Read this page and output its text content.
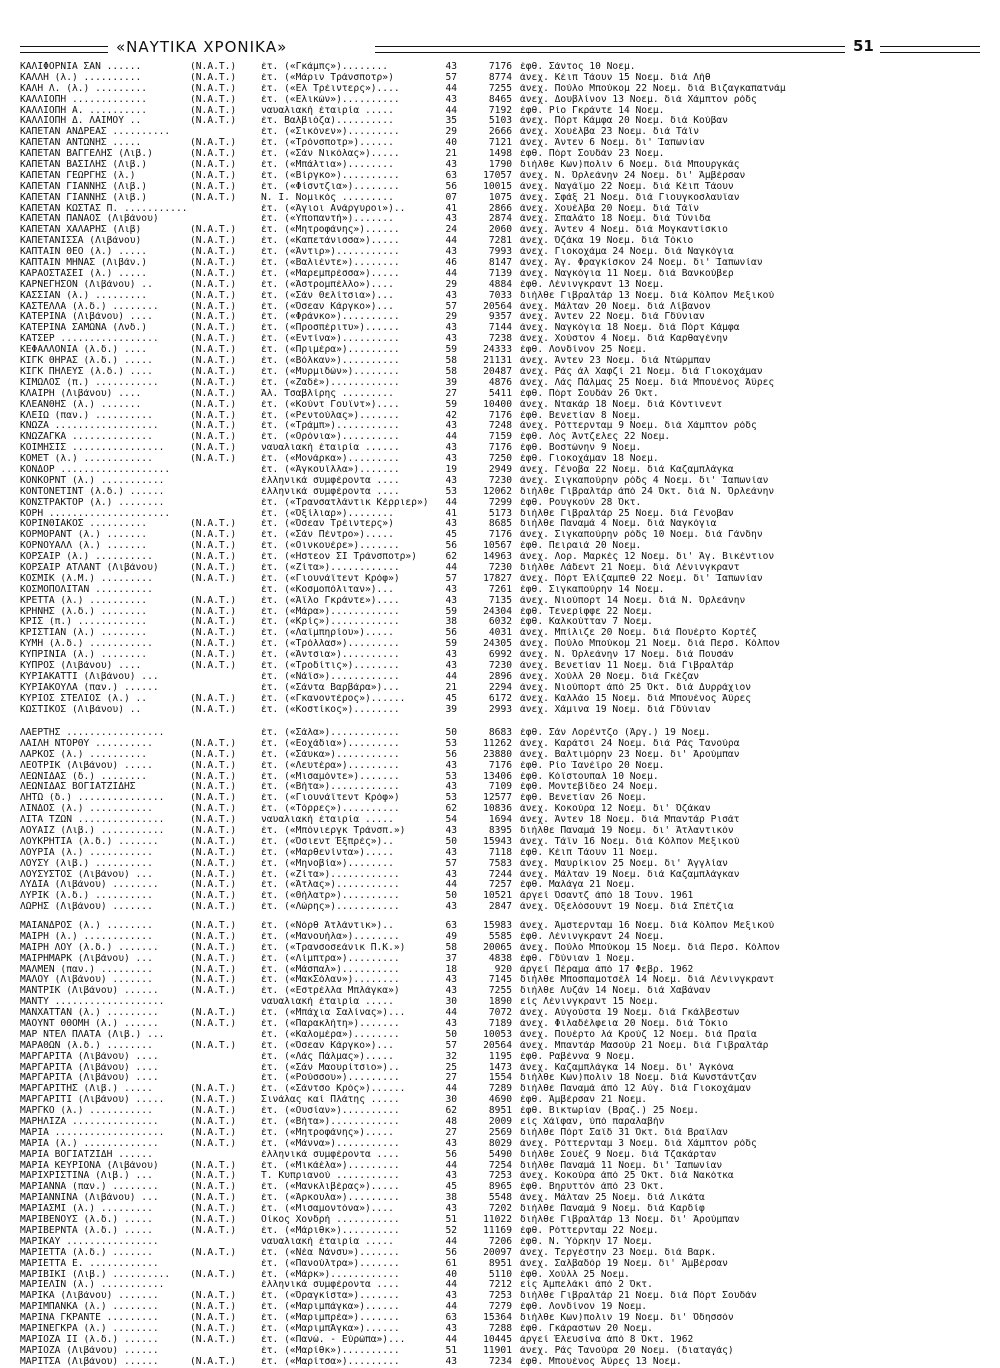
«ΝΑΥΤΙΚΑ ΧΡΟΝΙΚΑ»	51
ΚΑΛΙΦΟΡΝΙΑ ΣΑΝ ......	(Ν.Α.Τ.)	έτ. («Γκάμπς»)........	43	7176 έφθ. Σάντος 10 Νοεμ.
ΚΑΛΛΗ (λ.) ..........	(Ν.Α.Τ.)	έτ. («Μάριν Τράνσποτρ»)	57	8774 άνεχ. Κέιπ Τάουν 15 Νοεμ. διά Λήθ
ΚΑΛΗ Λ. (λ.) .........	(Ν.Α.Τ.)	έτ. («Ελ Τρέιντερς»)....	44	7255 άνεχ. Πούλο Μπούκομ 22 Νοεμ. διά Βιζαγκαπατνάμ
ΚΑΛΛΙΟΠΗ .............	(Ν.Α.Τ.)	έτ. («Ελικών»)..........	43	8465 άνεχ. Δουβλίνον 13 Νοεμ. διά Χάμπτον ρόδς
ΚΑΛΛΙΟΠΗ Α. ..........	(Ν.Α.Τ.)	ναυαλιακή έταιρία .....	44	7192 έφθ. Ρίο Γκράντε 14 Νοεμ.
ΚΑΛΛΙΟΠΗ Δ. ΛΑΙΜΟΥ ..	(Ν.Α.Τ.)	έτ. Βαλβιόζα)..........	35	5103 άνεχ. Πόρτ Κάμφα 20 Νοεμ. διά Κούβαν
ΚΑΠΕΤΑΝ ΑΝΔΡΕΑΣ ..........	έτ. («Σικόνεν»).........	29	2666 άνεχ. Χουέλβα 23 Νοεμ. διά Τάϊν
ΚΑΠΕΤΑΝ ΑΝΤΩΝΗΣ .....	(Ν.Α.Τ.)	έτ. («Τρόνσποτρ»)......	40	7121 άνεχ. Άντεν 6 Νοεμ. δι' Ίαπωνίαν
ΚΑΠΕΤΑΝ ΒΑΓΓΕΛΗΣ (Λιβ.)	(Ν.Α.Τ.)	έτ. («Σάν Νικόλας»).....	21	1498 έφθ. Πόρτ Σουδάν 23 Νοεμ.
ΚΑΠΕΤΑΝ ΒΑΣΙΛΗΣ (Λιβ.)	(Ν.Α.Τ.)	έτ. («Μπάλτια»)........	43	1790 διήλθε Κων)πολιν 6 Νοεμ. διά Μπουργκάς
ΚΑΠΕΤΑΝ ΓΕΩΡΓΗΣ (λ.)	(Ν.Α.Τ.)	έτ. («Βίργκο»)..........	63	17057 άνεχ. Ν. Όρλεάνην 24 Νοεμ. δι' Άμβέρσαν
ΚΑΠΕΤΑΝ ΓΙΑΝΝΗΣ (Λιβ.)	(Ν.Α.Τ.)	έτ. («Φίσντζια»)........	56	10015 άνεχ. Ναγάϊμο 22 Νοεμ. διά Κέιπ Τάουν
ΚΑΠΕΤΑΝ ΓΙΑΝΝΗΣ (λιβ.)	(Ν.Α.Τ.)	Ν. Ι. Νομικός .........	07	1075 άνεχ. Σφάξ 21 Νοεμ. διά Γιουγκοσλαυΐαν
ΚΑΠΕΤΑΝ ΚΩΣΤΑΣ Π. ...........	έτ. («Άγιοι Ανάργυροι»)..	41	2866 άνεχ. Χουέλβα 20 Νοεμ. διά Τάϊν
ΚΑΠΕΤΑΝ ΠΑΝΑΟΣ (Λιβάνου)	έτ. («Υποπαντή»).......	43	2874 άνεχ. Σπαλάτο 18 Νοεμ. διά Τύνιδα
ΚΑΠΕΤΑΝ ΧΑΛΑΡΗΣ (Λιβ)	(Ν.Α.Τ.)	έτ. («Μητροφάνης»)......	24	2060 άνεχ. Άντεν 4 Νοεμ. διά Μογκαντίσκιο
ΚΑΠΕΤΑΝΙΣΣΑ (Λιβάνου)	(Ν.Α.Τ.)	έτ. («Καπετάνισσα»).....	44	7281 άνεχ. Όζάκα 19 Νοεμ. διά Τόκιο
ΚΑΠΤΑΙΝ ΘΕΟ (λ.) .....	(Ν.Α.Τ.)	έτ. («Άντιρ»)...........	43	7993 άνεχ. Γιοκοχάμα 24 Νοεμ. διά Ναγκόγια
ΚΑΠΤΑΙΝ ΜΗΝΑΣ (Λιβάν.)	(Ν.Α.Τ.)	έτ. («Βαλιέντε»)........	46	8147 άνεχ. Άγ. Φραγκίσκον 24 Νοεμ. δι' Ίαπωνίαν
ΚΑΡΑΟΣΤΑΣΕΙ (λ.) .....	(Ν.Α.Τ.)	έτ. («Μαρεμπρέσσα»).....	44	7139 άνεχ. Ναγκόγια 11 Νοεμ. διά Βανκούβερ
ΚΑΡΝΕΓΗΣΟΝ (Λιβάνου) ..	(Ν.Α.Τ.)	έτ. («Άστρομπέλλο»)....	29	4884 έφθ. Λένινγκραντ 13 Νοεμ.
ΚΑΣΣΙΑΝ (λ.) .........	(Ν.Α.Τ.)	έτ. («Σάν Θελίτσια»)...	43	7033 διήλθε Γιβραλτάρ 13 Νοεμ. διά Κόλπον Μεξικού
ΚΑΣΤΕΛΛΑ (λ.δ.) ........	(Ν.Α.Τ.)	έτ. («Όσεαν Κάργκο»)...	57	20564 άνεχ. Μάλταν 20 Νοεμ. διά Λίβανον
ΚΑΤΕΡΙΝΑ (Λιβάνου) ....	(Ν.Α.Τ.)	έτ. («Φράνκο»)..........	29	9357 άνεχ. Άντεν 22 Νοεμ. διά Γδύνιαν
ΚΑΤΕΡΙΝΑ ΣΑΜΩΝΑ (Λνδ.)	(Ν.Α.Τ.)	έτ. («Προσπέριτυ»)......	43	7144 άνεχ. Ναγκόγια 18 Νοεμ. διά Πόρτ Κάμφα
ΚΑΤΣΕΡ .................	(Ν.Α.Τ.)	έτ. («Εντίνα»)..........	43	7238 άνεχ. Χούστον 4 Νοεμ. διά Καρθαγένην
ΚΕΦΑΛΛΟΝΙΑ (λ.δ.) ....	(Ν.Α.Τ.)	έτ. («Πριμέρα»).........	59	24333 έφθ. Λονδίνον 25 Νοεμ.
ΚΙΓΚ ΘΗΡΑΣ (λ.δ.) .....	(Ν.Α.Τ.)	έτ. («Βόλκαν»)..........	58	21131 άνεχ. Άντεν 23 Νοεμ. διά Ντώρμπαν
ΚΙΓΚ ΠΗΛΕΥΣ (λ.δ.) ....	(Ν.Α.Τ.)	έτ. («Μυρμιδών»)........	58	20487 άνεχ. Ράς άλ Χαφζί 21 Νοεμ. διά Γιοκοχάμαν
ΚΙΜΩΛΟΣ (π.) ...........	(Ν.Α.Τ.)	έτ. («Ζαδέ»)............	39	4876 άνεχ. Λάς Πάλμας 25 Νοεμ. διά Μπουένος Άϋρες
ΚΛΑΙΡΗ (Λιβάνου) ....	(Ν.Α.Τ.)	Άλ. Τσαβλίρης .........	27	5411 έφθ. Πόρτ Σουδάν 26 Όκτ.
ΚΛΕΑΝΘΗΣ (λ.) .......	(Ν.Α.Τ.)	έτ. («Κούντ Γουΐντ»)....	59	10400 άνεχ. Ντακάρ 18 Νοεμ. διά Κόντινεντ
ΚΛΕΙΩ (παν.) ..........	(Ν.Α.Τ.)	έτ. («Ρεντούλας»).......	42	7176 έφθ. Βενετίαν 8 Νοεμ.
ΚΝΩΖΑ ..................	(Ν.Α.Τ.)	έτ. («Τράμπ»)...........	43	7248 άνεχ. Ρόττερνταμ 9 Νοεμ. διά Χάμπτον ρόδς
ΚΝΩΖΑΓΚΑ ..............	(Ν.Α.Τ.)	έτ. («Ορόνια»)..........	44	7159 έφθ. Λός Άντζελες 22 Νοεμ.
ΚΟΙΜΗΣΙΣ ................	(Ν.Α.Τ.)	ναυαλιακή έταιρία ......	43	7176 έφθ. Βοστώνην 9 Νοεμ.
ΚΟΜΕΤ (λ.) ............	(Ν.Α.Τ.)	έτ. («Μονάρκα»).........	43	7250 έφθ. Γιοκοχάμαν 18 Νοεμ.
ΚΟΝΔΟΡ ...................	έτ. («Άγκουΐλλα»).......	19	2949 άνεχ. Γένοβα 22 Νοεμ. διά Καζαμπλάγκα
ΚΟΝΚΟΡΝΤ (λ.) ...........	έλληνικά συμφέροντα ....	43	7230 άνεχ. Σιγκαπούρην ρόδς 4 Νοεμ. δι' Ίαπωνίαν
ΚΟΝΤΟΝΕΤΙΝΤ (λ.δ.) ......	έλληνικά συμφέροντα ....	53	12062 διήλθε Γιβραλτάρ άπό 24 Όκτ. διά Ν. Όρλεάνην
ΚΟΝΣΤΡΑΚΤΟΡ (λ.) ........	έτ. («Τρανσατλάντικ Κέρριερ»)	44	7299 έφθ. Ρουγκούν 28 Όκτ.
ΚΟΡΗ .....................	έτ. («Όξίλιαρ»)........	41	5173 διήλθε Γιβραλτάρ 25 Νοεμ. διά Γένοβαν
ΚΟΡΙΝΘΙΑΚΟΣ ..........	(Ν.Α.Τ.)	έτ. («Όσεαν Τρέιντερς»)	43	8685 διήλθε Παναμά 4 Νοεμ. διά Ναγκόγια
ΚΟΡΜΟΡΑΝΤ (λ.) .......	(Ν.Α.Τ.)	έτ. («Σάν Πέντρο»).....	45	7176 άνεχ. Σιγκαπούρην ρόδς 10 Νοεμ. διά Γάνδην
ΚΟΡΝΟΥΑΛΛ (λ.) .......	(Ν.Α.Τ.)	έτ. («Οινκουέρε»).......	56	10567 έφθ. Πειραιά 20 Νοεμ.
ΚΟΡΣΑΙΡ (λ.) ..........	(Ν.Α.Τ.)	έτ. («Ηστεον ΣΙ Τράνσποτρ»)	62	14963 άνεχ. Λορ. Μαρκές 12 Νοεμ. δι' Άγ. Βικέντιον
ΚΟΡΣΑΙΡ ΑΤΛΑΝΤ (Λιβάνου)	(Ν.Α.Τ.)	έτ. («Ζίτα»)............	44	7230 διήλθε Λάδεντ 21 Νοεμ. διά Λένινγκραντ
ΚΟΣΜΙΚ (λ.Μ.) .........	(Ν.Α.Τ.)	έτ. («Γιουνάϊτεντ Κρόφ»)	57	17827 άνεχ. Πόρτ Έλίζαμπεθ 22 Νοεμ. δι' Ίαπωνίαν
ΚΟΣΜΟΠΟΛΙΤΑΝ ..........	έτ. («Κοσμοπόλιταν»)...	43	7261 έφθ. Σιγκαπούρην 14 Νοεμ.
ΚΡΕΤΤΑ (λ.) ..........	(Ν.Α.Τ.)	έτ. («Άϊλο Γκράντε»)....	43	7135 άνεχ. Νιούπορτ 14 Νοεμ. διά Ν. Όρλεάνην
ΚΡΗΝΗΣ (λ.δ.) ........	(Ν.Α.Τ.)	έτ. («Μάρα»)............	59	24304 έφθ. Τενερίφφε 22 Νοεμ.
ΚΡΙΣ (π.) ............	(Ν.Α.Τ.)	έτ. («Κρίς»)............	38	6032 έφθ. Καλκούτταν 7 Νοεμ.
ΚΡΙΣΤΙΑΝ (λ.) ........	(Ν.Α.Τ.)	έτ. («Λαϊμπηρίου»).....	56	4031 άνεχ. Μπίλιζε 20 Νοεμ. διά Πουέρτο Κορτέζ
ΚΥΜΗ (λ.δ.) ...........	(Ν.Α.Τ.)	έτ. («Τρόλλασ»).........	59	24305 άνεχ. Πούλο Μπούκομ 21 Νοεμ. διά Περσ. Κόλπον
ΚΥΠΡΙΝΙΑ (λ.) ........	(Ν.Α.Τ.)	έτ. («Άντσια»)..........	43	6992 άνεχ. Ν. Όρλεάνην 17 Νοεμ. διά Πουσάν
ΚΥΠΡΟΣ (Λιβάνου) ....	(Ν.Α.Τ.)	έτ. («Τροδίτις»)........	43	7230 άνεχ. Βενετίαν 11 Νοεμ. διά Γιβραλτάρ
ΚΥΡΙΑΚΑΤΤΙ (Λιβάνου) ...	έτ. («Νάϊσ»)............	44	2896 άνεχ. Χούλλ 20 Νοεμ. διά Γκέζαν
ΚΥΡΙΑΚΟΥΛΑ (παν.) ......	έτ. («Σάντα Βαρβάρα»)...	21	2294 άνεχ. Νιούπορτ άπό 25 Όκτ. διά Δυρράχιον
ΚΥΡΙΟΣ ΣΤΕΛΙΟΣ (λ.) ..	(Ν.Α.Τ.)	έτ. («Γκανοντέρος»)......	45	6172 άνεχ. Καλλάο 15 Νοεμ. διά Μπουένος Άϋρες
ΚΩΣΤΙΚΟΣ (Λιβάνου) ..	(Ν.Α.Τ.)	έτ. («Κοστίκος»)........	39	2993 άνεχ. Χάμινα 19 Νοεμ. διά Γδύνιαν
ΛΑΕΡΤΗΣ .................	έτ. («Σάλα»)............	50	8683 έφθ. Σάν Λορέντζο (Άργ.) 19 Νοεμ.
ΛΑΙΛΗ ΝΤΟΡΘΥ ..........	(Ν.Α.Τ.)	έτ. («Εοχάδια»).........	53	11262 άνεχ. Καράτσι 24 Νοεμ. διά Ράς Τανούρα
ΛΑΡΚΟΣ (λ.) ..........	(Ν.Α.Τ.)	έτ. («Σάυκα»)...........	56	23880 άνεχ. Βαλτιμόρην 23 Νοεμ. δι' Άρούμπαν
ΛΕΟΤΡΙΚ (Λιβάνου) .....	(Ν.Α.Τ.)	έτ. («Λευτέρα»).........	43	7176 έφθ. Ρίο Ίανέϊρο 20 Νοεμ.
ΛΕΩΝΙΔΑΣ (δ.) ........	(Ν.Α.Τ.)	έτ. («Μισαμόντε»).......	53	13406 έφθ. Κόϊστουπαλ 10 Νοεμ.
ΛΕΩΝΙΔΑΣ ΒΟΓΙΑΤΖΙΔΗΣ	(Ν.Α.Τ.)	έτ. («Βήτα»)............	43	7109 έφθ. Μοντεβίδεο 24 Νοεμ.
ΛΗΤΩ (δ.) ...............	(Ν.Α.Τ.)	έτ. («Γιουνάϊτεντ Κρόφ»)	53	12577 έφθ. Βενετίαν 26 Νοεμ.
ΛΙΝΔΟΣ (λ.) ...........	(Ν.Α.Τ.)	έτ. («Τόρρες»)..........	62	10836 άνεχ. Κοκούρα 12 Νοεμ. δι' Όζάκαν
ΛΙΤΑ ΤΖΩΝ ...............	(Ν.Α.Τ.)	ναυαλιακή έταιρία .....	54	1694 άνεχ. Άντεν 18 Νοεμ. διά Μπαντάρ Ρισάτ
ΛΟΥΑΙΖ (Λιβ.) ...........	(Ν.Α.Τ.)	έτ. («Μπόνιεργκ Τράνσπ.»)	43	8395 διήλθε Παναμά 19 Νοεμ. δι' Άτλαντικόν
ΛΟΥΚΡΗΤΙΑ (λ.δ.) .......	(Ν.Α.Τ.)	έτ. («Όσιεντ Έξπρές»)..	50	15943 άνεχ. Τάϊν 16 Νοεμ. διά Κόλπον Μεξικού
ΛΟΥΡΙΑ (λ.) ...........	(Ν.Α.Τ.)	έτ. («Μαρθενίντα»).....	43	7118 έφθ. Κέιπ Τάουν 11 Νοεμ.
ΛΟΥΣΥ (λιβ.) ..........	(Ν.Α.Τ.)	έτ. («Μηνοβία»)........	57	7583 άνεχ. Μαυρίκιον 25 Νοεμ. δι' Άγγλίαν
ΛΟΥΣΥΣΤΟΣ (Λιβάνου) ...	(Ν.Α.Τ.)	έτ. («Ζίτα»)............	43	7244 άνεχ. Μάλταν 19 Νοεμ. διά Καζαμπλάγκαν
ΛΥΔΙΑ (Λιβάνου) ........	(Ν.Α.Τ.)	έτ. («Άτλας»)...........	44	7257 έφθ. Μαλάγα 21 Νοεμ.
ΛΥΡΙΚ (λ.δ.) ..........	(Ν.Α.Τ.)	έτ. («Θήλατρ»)..........	50	10521 άργεί Όσαντζ άπό 18 Ίουν. 1961
ΛΩΡΗΣ (Λιβάνου) .......	(Ν.Α.Τ.)	έτ. («Λώρης»)...........	43	2847 άνεχ. Όξελόσουντ 19 Νοεμ. διά Σπέτζια
ΜΑΙΑΝΔΡΟΣ (λ.) ........	(Ν.Α.Τ.)	έτ. («Νόρθ Άτλάντικ»)..	63	15983 άνεχ. Άμστερνταμ 16 Νοεμ. διά Κόλπον Μεξικού
ΜΑΙΡΗ (λ.) ............	(Ν.Α.Τ.)	έτ. («Μανουήλα»)........	49	5585 έφθ. Λένινγκραντ 24 Νοεμ.
ΜΑΙΡΗ ΛΟΥ (λ.δ.) .......	(Ν.Α.Τ.)	έτ. («Τρανσοσεάνικ Π.Κ.»)	58	20065 άνεχ. Πούλο Μπούκομ 15 Νοεμ. διά Περσ. Κόλπον
ΜΑΙΡΗΜΑΡΚ (Λιβάνου) ...	(Ν.Α.Τ.)	έτ. («Λίμπτρα»).........	37	4838 έφθ. Γδύνιαν 1 Νοεμ.
ΜΑΛΜΕΝ (παν.) .........	(Ν.Α.Τ.)	έτ. («Μάσπαλ»)..........	18	920 άργεί Πέραμα άπό 17 Φεβρ. 1962
ΜΑΛΟΥ (Λιβάνου) .......	(Ν.Α.Τ.)	έτ. («ΜακΣόλαν»)........	43	7145 διήλθε Μποσπαμοτσέλ 14 Νοεμ. διά Λένινγκραντ
ΜΑΝΤΡΙΚ (Λιβάνου) ......	(Ν.Α.Τ.)	έτ. («Εστρέλλα Μπλάγκα»)	43	7255 διήλθε Λυζάν 14 Νοεμ. διά Χαβάναν
ΜΑΝΤΥ ...................	ναυαλιακή έταιρία .....	30	1890 είς Λένινγκραντ 15 Νοεμ.
ΜΑΝΧΑΤΤΑΝ (λ.) .........	(Ν.Α.Τ.)	έτ. («Μπάχια Σαλίνας»)...	44	7072 άνεχ. Αύγούστα 19 Νοεμ. διά Γκάλβεστων
ΜΑΟΥΝΤ ΘΘΟΜΗ (λ.) ......	(Ν.Α.Τ.)	έτ. («Παρακλήτη»).......	43	7189 άνεχ. Φιλαδέλφεια 20 Νοεμ. διά Τόκιο
ΜΑΡ ΝΤΕΛ ΠΛΑΤΑ (Λιβ.) ...	έτ. («Καλομέρα»)........	50	10053 άνεχ. Πουέρτο λά Κρούζ 12 Νοεμ. διά Πραΐα
ΜΑΡΑΘΩΝ (λ.δ.) ........	(Ν.Α.Τ.)	έτ. («Όσεαν Κάργκο»)...	57	20564 άνεχ. Μπαντάρ Μασούρ 21 Νοεμ. διά Γιβραλτάρ
ΜΑΡΓΑΡΙΤΑ (Λιβάνου) ....	έτ. («Λάς Πάλμας»).....	32	1195 έφθ. Ραβέννα 9 Νοεμ.
ΜΑΡΓΑΡΙΤΑ (Λιβάνου) ....	έτ. («Σάν Μαουρίτσιο»)..	25	1473 άνεχ. Καζαμπλάγκα 14 Νοεμ. δι' Άγκόνα
ΜΑΡΓΑΡΙΤΑ (Λιβάνου) ....	έτ. («Ρούσσου»).........	27	1554 διήλθε Κων)πολιν 18 Νοεμ. διά Κωνστάντζαν
ΜΑΡΓΑΡΙΤΗΣ (Λιβ.) .....	(Ν.Α.Τ.)	έτ. («Σάντσο Κρός»)......	44	7289 διήλθε Παναμά άπό 12 Αύγ. διά Γιοκοχάμαν
ΜΑΡΓΑΡΙΤΙ (Λιβάνου) .....	(Ν.Α.Τ.)	Σινάλας καί Πλάτης .....	30	4690 έφθ. Άμβέρσαν 21 Νοεμ.
ΜΑΡΓΚΟ (λ.) ...........	(Ν.Α.Τ.)	έτ. («Ουσίαν»)..........	62	8951 έφθ. Βικτωρίαν (Βραζ.) 25 Νοεμ.
ΜΑΡΗΛΙΖΑ ...............	(Ν.Α.Τ.)	έτ. («Βήτα»)............	48	2009 είς Χάϊφαν, ύπό παραλαβήν
ΜΑΡΙΑ ...................	(Ν.Α.Τ.)	έτ. («Μητροφάνης»).....	27	2569 διήλθε Πόρτ Σαΐδ 31 Όκτ. διά Βραΐλαν
ΜΑΡΙΑ (λ.) .............	(Ν.Α.Τ.)	έτ. («Μάννα»)...........	43	8029 άνεχ. Ρόττερνταμ 3 Νοεμ. διά Χάμπτον ρόδς
ΜΑΡΙΑ ΒΟΓΙΑΤΖΙΔΗ ......	έλληνικά συμφέροντα ....	56	5490 διήλθε Σουέζ 9 Νοεμ. διά Τζακάρταν
ΜΑΡΙΑ ΚΕΥΡΙΟΝΑ (Λιβάνου)	(Ν.Α.Τ.)	έτ. («Μικάέλα»).........	44	7254 διήλθε Παναμά 11 Νοεμ. δι' Ίαπωνίαν
ΜΑΡΙΧΡΙΣΤΙΝΑ (Λιβ.) ...	(Ν.Α.Τ.)	Τ. Κυπριανού ...........	43	7253 άνεχ. Κοκούρα άπό 25 Όκτ. διά Νακότκα
ΜΑΡΙΑΝΝΑ (παν.) ........	(Ν.Α.Τ.)	έτ. («Μανκλιβέρας»).....	45	8965 έφθ. Βηρυττόν άπό 23 Όκτ.
ΜΑΡΙΑΝΝΙΝΑ (Λιβάνου) ...	(Ν.Α.Τ.)	έτ. («Άρκουλα»).........	38	5548 άνεχ. Μάλταν 25 Νοεμ. διά Λικάτα
ΜΑΡΙΑΣΜΙ (λ.) .........	(Ν.Α.Τ.)	έτ. («Μισαμοντόνα»)....	43	7202 διήλθε Παναμά 9 Νοεμ. διά Καρδίφ
ΜΑΡΙΒΕΝΟΥΣ (λ.δ.) .....	(Ν.Α.Τ.)	Οίκος Χονδρή ...........	51	11022 διήλθε Γιβραλτάρ 13 Νοεμ. δι' Άρούμπαν
ΜΑΡΙΒΕΡΝΤΑ (λ.δ.) .....	(Ν.Α.Τ.)	έτ. («Μάριθκ»)..........	52	11169 έφθ. Ρόττερνταμ 22 Νοεμ.
ΜΑΡΙΚΑΥ ................	ναυαλιακή έταιρία .....	44	7206 έφθ. Ν. Ύόρκην 17 Νοεμ.
ΜΑΡΙΕΤΤΑ (λ.δ.) .......	(Ν.Α.Τ.)	έτ. («Νέα Νάνσυ»).......	56	20097 άνεχ. Τεργέστην 23 Νοεμ. διά Βαρκ.
ΜΑΡΙΕΤΤΑ Ε. ............	έτ. («Πανούλτρα»).......	61	8951 άνεχ. Σαλβαδόρ 19 Νοεμ. δι' Άμβέρσαν
ΜΑΡΙΒΙΚΙ (Λιβ.) ..........	(Ν.Α.Τ.)	έτ. («Μάρκ»)............	40	5110 έφθ. Χούλλ 25 Νοεμ.
ΜΑΡΙΕΛΙΝ (λ.) ...........	έλληνικά συμφέροντα ....	44	7212 είς Άμπελάκι άπό 2 Όκτ.
ΜΑΡΙΚΑ (Λιβάνου) .......	(Ν.Α.Τ.)	έτ. («Όραγκίστα»).......	43	7253 διήλθε Γιβραλτάρ 21 Νοεμ. διά Πόρτ Σουδάν
ΜΑΡΙΜΠΑΝΚΑ (λ.) ........	(Ν.Α.Τ.)	έτ. («Μαριμπάγκα»)......	44	7279 έφθ. Λονδίνον 19 Νοεμ.
ΜΑΡΙΝΑ ΓΚΡΑΝΤΕ .........	(Ν.Α.Τ.)	έτ. («Μαριμπρέα»).......	63	15364 διήλθε Κων)πολιν 19 Νοεμ. δι' Όδησσόν
ΜΑΡΙΝΕΓΚΡΑ (λ.) ........	(Ν.Α.Τ.)	έτ. («ΜαριμπΆγκα»)......	43	7288 έφθ. Γκάραστων 20 Νοεμ.
ΜΑΡΙΟΖΑ ΙΙ (λ.δ.) ......	(Ν.Α.Τ.)	έτ. («Πανώ. - Εύρώπα»)...	44	10445 άργεί Έλευσίνα άπό 8 Όκτ. 1962
ΜΑΡΙΟΖΑ (Λιβάνου) ......	έτ. («Μαρίθκ»)..........	51	11901 άνεχ. Ράς Τανούρα 20 Νοεμ. (διαταγάς)
ΜΑΡΙΤΣΑ (Λιβάνου) ......	(Ν.Α.Τ.)	έτ. («Μαρίτσα»).........	43	7234 έφθ. Μπουένος Άϋρες 13 Νοεμ.
